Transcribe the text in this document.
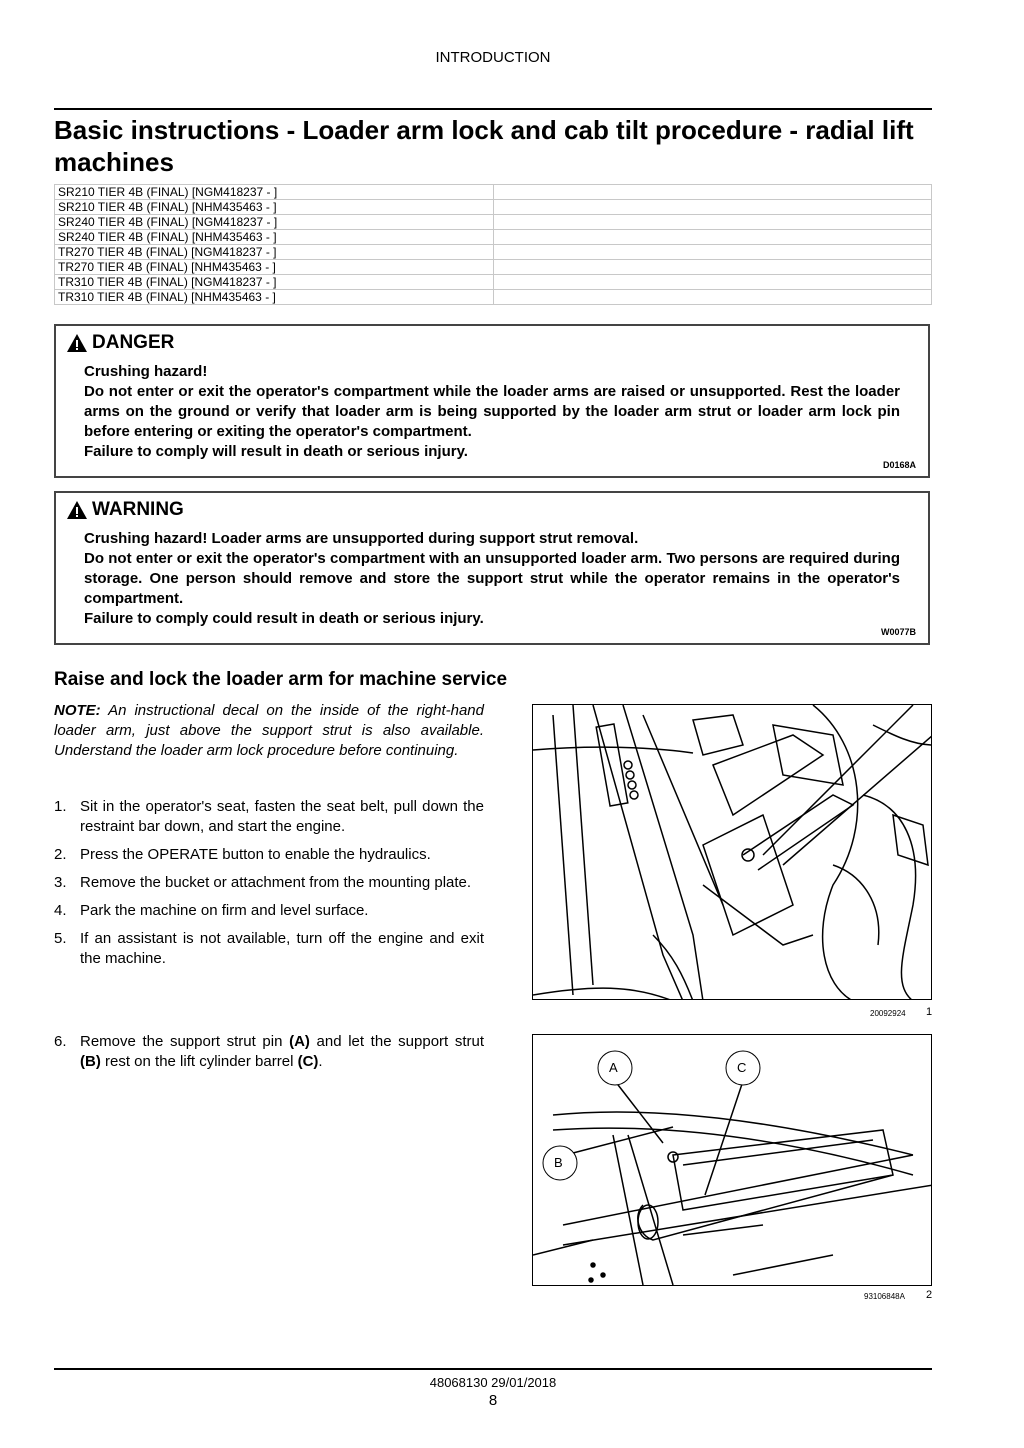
INTRODUCTION
Basic instructions - Loader arm lock and cab tilt procedure - radial lift machines
SR210 TIER 4B (FINAL) [NGM418237 - ]	
SR210 TIER 4B (FINAL) [NHM435463 - ]	
SR240 TIER 4B (FINAL) [NGM418237 - ]	
SR240 TIER 4B (FINAL) [NHM435463 - ]	
TR270 TIER 4B (FINAL) [NGM418237 - ]	
TR270 TIER 4B (FINAL) [NHM435463 - ]	
TR310 TIER 4B (FINAL) [NGM418237 - ]	
TR310 TIER 4B (FINAL) [NHM435463 - ]	
DANGER

Crushing hazard!

Do not enter or exit the operator's compartment while the loader arms are raised or unsupported. Rest the loader arms on the ground or verify that loader arm is being supported by the loader arm strut or loader arm lock pin before entering or exiting the operator's compartment.

Failure to comply will result in death or serious injury.

D0168A
WARNING

Crushing hazard! Loader arms are unsupported during support strut removal.

Do not enter or exit the operator's compartment with an unsupported loader arm. Two persons are required during storage. One person should remove and store the support strut while the operator remains in the operator's compartment.

Failure to comply could result in death or serious injury.

W0077B
Raise and lock the loader arm for machine service
NOTE: An instructional decal on the inside of the right-hand loader arm, just above the support strut is also available. Understand the loader arm lock procedure before continuing.
1. Sit in the operator's seat, fasten the seat belt, pull down the restraint bar down, and start the engine.
2. Press the OPERATE button to enable the hydraulics.
3. Remove the bucket or attachment from the mounting plate.
4. Park the machine on firm and level surface.
5. If an assistant is not available, turn off the engine and exit the machine.
6. Remove the support strut pin (A) and let the support strut (B) rest on the lift cylinder barrel (C).
20092924 1
A	C
B
93106848A 2
48068130 29/01/2018
8
